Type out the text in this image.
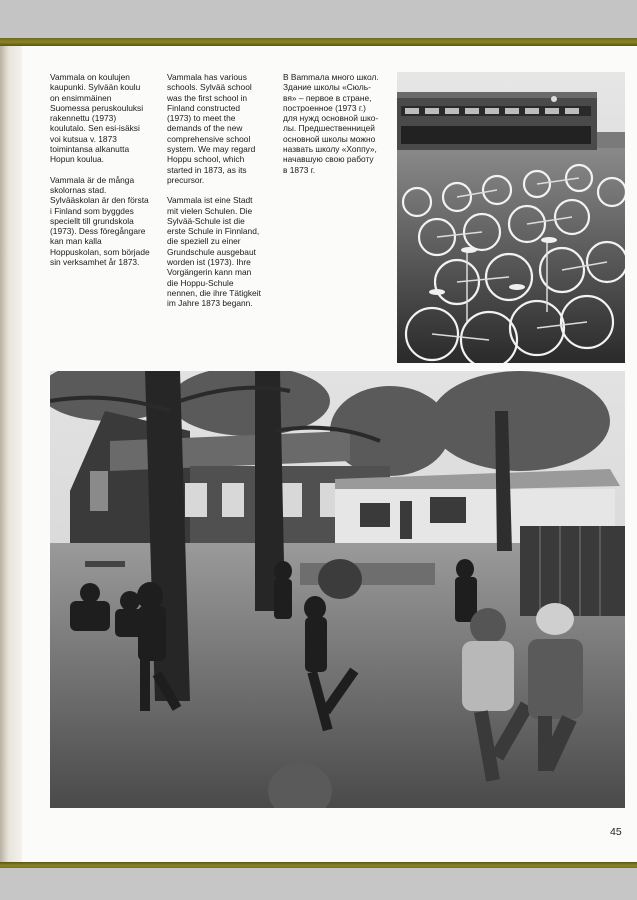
Vammala on koulujen
kaupunki. Sylvään koulu
on ensimmäinen
Suomessa peruskouluksi
rakennettu (1973)
koulutalo. Sen esi-isäksi
voi kutsua v. 1873
toimintansa alkanutta
Hopun koulua.

Vammala är de många
skolornas stad.
Sylvääskolan är den första
i Finland som byggdes
speciellt till grundskola
(1973). Dess föregångare
kan man kalla
Hoppuskolan, som började
sin verksamhet år 1873.

Vammala has various
schools. Sylvää school
was the first school in
Finland constructed
(1973) to meet the
demands of the new
comprehensive school
system. We may regard
Hoppu school, which
started in 1873, as its
precursor.

Vammala ist eine Stadt
mit vielen Schulen. Die
Sylvää-Schule ist die
erste Schule in Finnland,
die speziell zu einer
Grundschule ausgebaut
worden ist (1973). Ihre
Vorgängerin kann man
die Hoppu-Schule
nennen, die ihre Tätigkeit
im Jahre 1873 begann.

В Вammала много школ.
Здание школы «Сюль-
вя» – первое в стране,
построенное (1973 г.)
для нужд основной шко-
лы. Предшественницей
основной школы можно
назвать школу «Хоппу»,
начавшую свою работу
в 1873 г.

45
